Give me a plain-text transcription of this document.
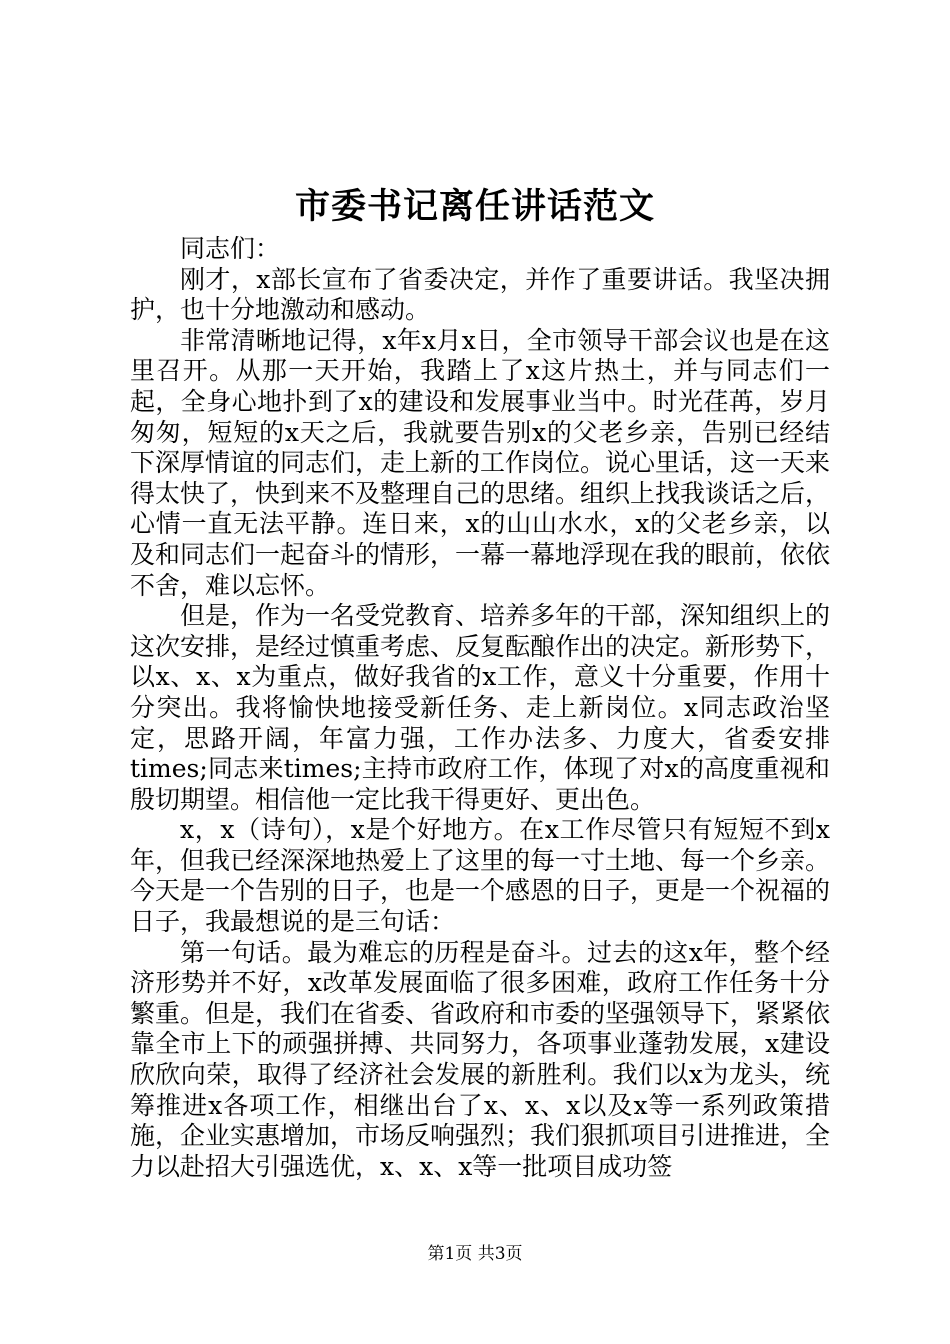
市委书记离任讲话范文

同志们：

刚才，x部长宣布了省委决定，并作了重要讲话。我坚决拥护，也十分地激动和感动。

非常清晰地记得，x年x月x日，全市领导干部会议也是在这里召开。从那一天开始，我踏上了x这片热土，并与同志们一起，全身心地扑到了x的建设和发展事业当中。时光荏苒，岁月匆匆，短短的x天之后，我就要告别x的父老乡亲，告别已经结下深厚情谊的同志们，走上新的工作岗位。说心里话，这一天来得太快了，快到来不及整理自己的思绪。组织上找我谈话之后，心情一直无法平静。连日来，x的山山水水，x的父老乡亲，以及和同志们一起奋斗的情形，一幕一幕地浮现在我的眼前，依依不舍，难以忘怀。

但是，作为一名受党教育、培养多年的干部，深知组织上的这次安排，是经过慎重考虑、反复酝酿作出的决定。新形势下，以x、x、x为重点，做好我省的x工作，意义十分重要，作用十分突出。我将愉快地接受新任务、走上新岗位。x同志政治坚定，思路开阔，年富力强，工作办法多、力度大，省委安排times;同志来times;主持市政府工作，体现了对x的高度重视和殷切期望。相信他一定比我干得更好、更出色。

x，x（诗句），x是个好地方。在x工作尽管只有短短不到x年，但我已经深深地热爱上了这里的每一寸土地、每一个乡亲。今天是一个告别的日子，也是一个感恩的日子，更是一个祝福的日子，我最想说的是三句话：

第一句话。最为难忘的历程是奋斗。过去的这x年，整个经济形势并不好，x改革发展面临了很多困难，政府工作任务十分繁重。但是，我们在省委、省政府和市委的坚强领导下，紧紧依靠全市上下的顽强拼搏、共同努力，各项事业蓬勃发展，x建设欣欣向荣，取得了经济社会发展的新胜利。我们以x为龙头，统筹推进x各项工作，相继出台了x、x、x以及x等一系列政策措施，企业实惠增加，市场反响强烈；我们狠抓项目引进推进，全力以赴招大引强选优，x、x、x等一批项目成功签

第1页 共3页
